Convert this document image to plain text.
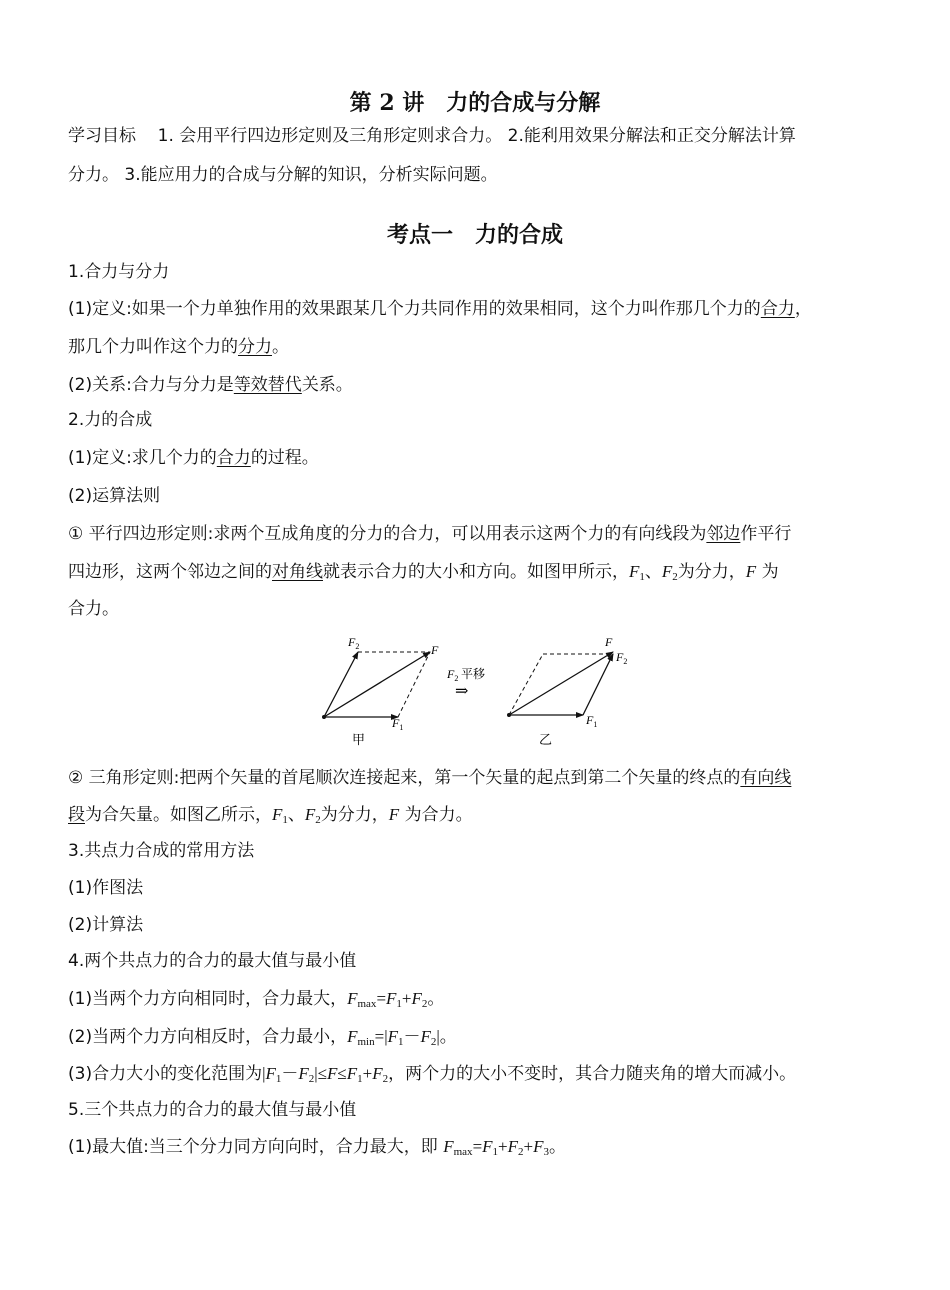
第 2 讲　力的合成与分解
学习目标 1. 会用平行四边形定则及三角形定则求合力。 2.能利用效果分解法和正交分解法计算
分力。 3.能应用力的合成与分解的知识，分析实际问题。
考点一　力的合成
1.合力与分力
(1)定义:如果一个力单独作用的效果跟某几个力共同作用的效果相同，这个力叫作那几个力的合力，
那几个力叫作这个力的分力。
(2)关系:合力与分力是等效替代关系。
2.力的合成
(1)定义:求几个力的合力的过程。
(2)运算法则
① 平行四边形定则:求两个互成角度的分力的合力，可以用表示这两个力的有向线段为邻边作平行
四边形，这两个邻边之间的对角线就表示合力的大小和方向。如图甲所示，$F_1$、$F_2$为分力，F 为
合力。
$F_2$	F
$F_1$
甲
$F_2$ 平移
⇒
F
$F_2$
$F_1$
乙
② 三角形定则:把两个矢量的首尾顺次连接起来，第一个矢量的起点到第二个矢量的终点的有向线
段为合矢量。如图乙所示，$F_1$、$F_2$为分力，F 为合力。
3.共点力合成的常用方法
(1)作图法
(2)计算法
4.两个共点力的合力的最大值与最小值
(1)当两个力方向相同时，合力最大，$F_{max}=F_1+F_2$。
(2)当两个力方向相反时，合力最小，$F_{min}=|F_1-F_2|$。
(3)合力大小的变化范围为$|F_1-F_2|\le F\le F_1+F_2$，两个力的大小不变时，其合力随夹角的增大而减小。
5.三个共点力的合力的最大值与最小值
(1)最大值:当三个分力同方向向时，合力最大，即 $F_{max}=F_1+F_2+F_3$。
